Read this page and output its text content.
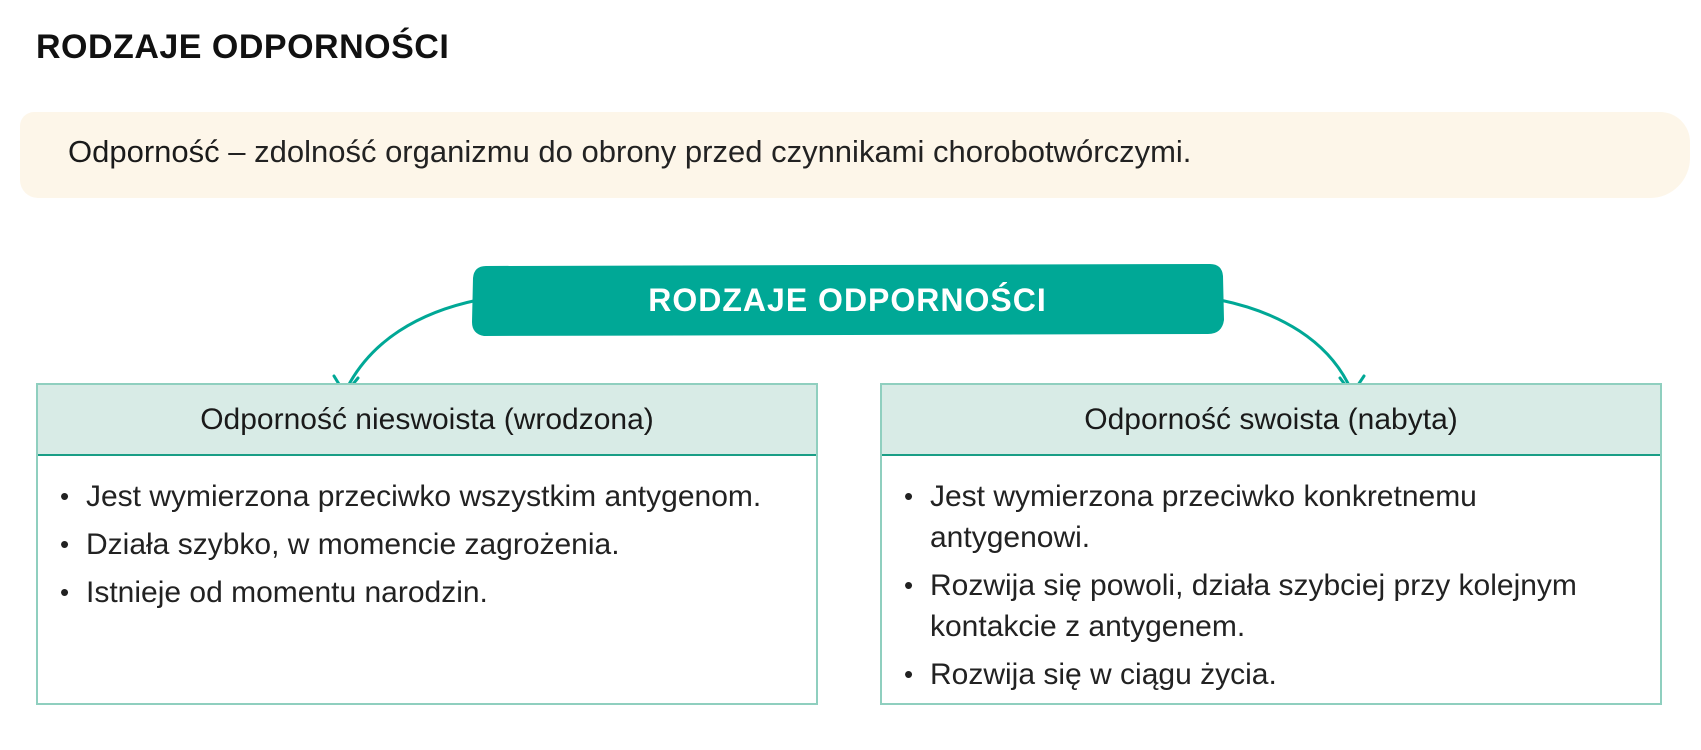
RODZAJE ODPORNOŚCI
Odporność – zdolność organizmu do obrony przed czynnikami chorobotwórczymi.
RODZAJE ODPORNOŚCI
Odporność nieswoista (wrodzona)
• Jest wymierzona przeciwko wszystkim antygenom.
• Działa szybko, w momencie zagrożenia.
• Istnieje od momentu narodzin.
Odporność swoista (nabyta)
• Jest wymierzona przeciwko konkretnemu antygenowi.
• Rozwija się powoli, działa szybciej przy kolejnym kontakcie z antygenem.
• Rozwija się w ciągu życia.
